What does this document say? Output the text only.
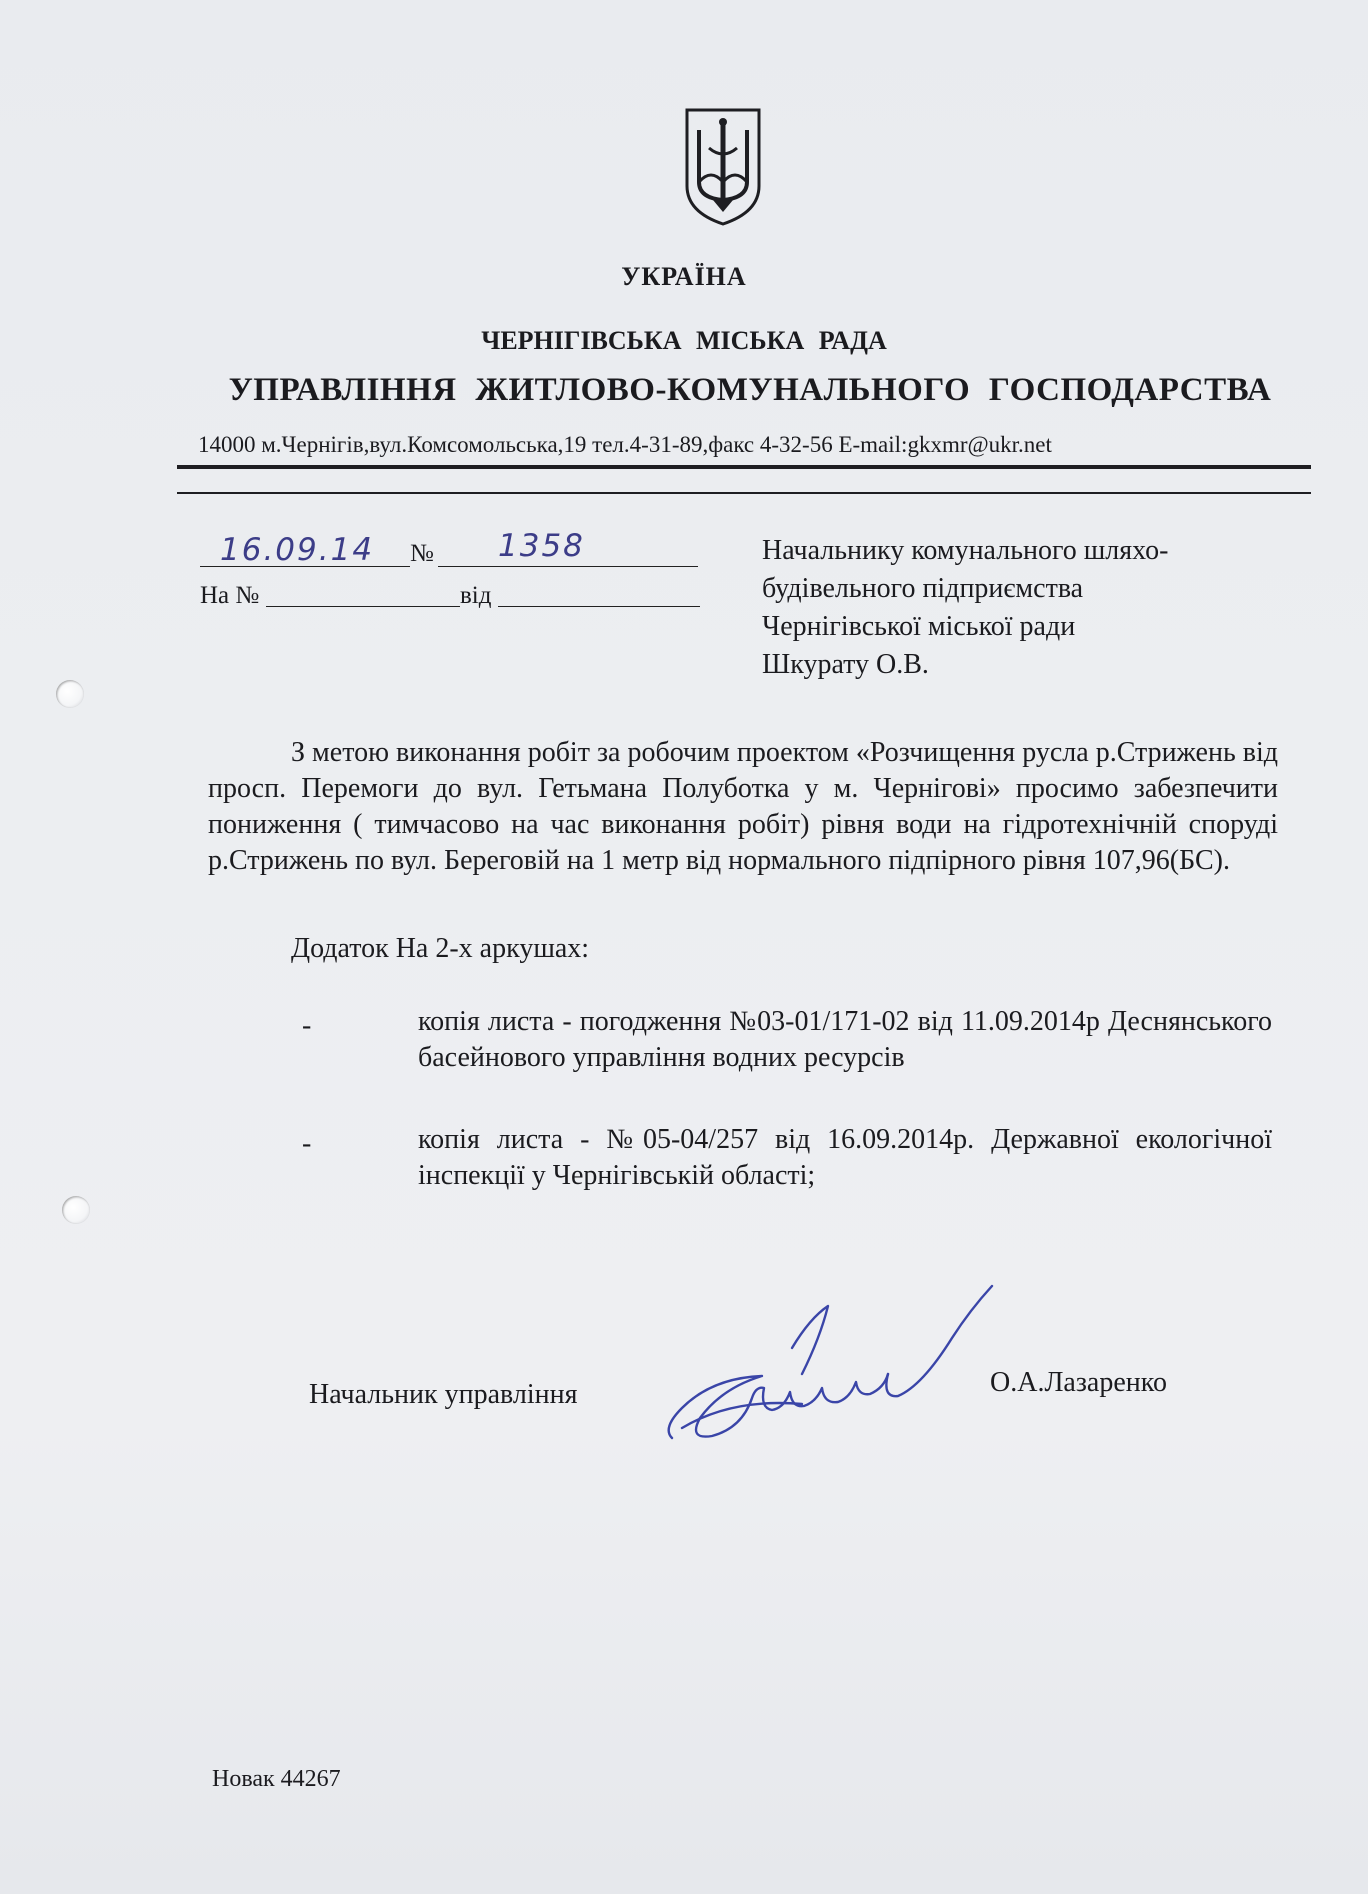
УКРАЇНА
ЧЕРНІГІВСЬКА МІСЬКА РАДА
УПРАВЛІННЯ ЖИТЛОВО-КОМУНАЛЬНОГО ГОСПОДАРСТВА
14000 м.Чернігів,вул.Комсомольська,19 тел.4-31-89,факс 4-32-56 E-mail:gkxmr@ukr.net
16.09.14 № 1358
На №	від
Начальнику комунального шляхо-
будівельного підприємства
Чернігівської міської ради
Шкурату О.В.

З метою виконання робіт за робочим проектом «Розчищення русла р.Стрижень від просп. Перемоги до вул. Гетьмана Полуботка у м. Чернігові» просимо забезпечити пониження ( тимчасово на час виконання робіт) рівня води на гідротехнічній споруді р.Стрижень по вул. Береговій на 1 метр від нормального підпірного рівня 107,96(БС).

Додаток На 2-х аркушах:
-	копія листа - погодження №03-01/171-02 від 11.09.2014р Деснянського басейнового управління водних ресурсів
-	копія листа - №05-04/257 від 16.09.2014р. Державної екологічної інспекції у Чернігівській області;
Начальник управління	О.А.Лазаренко
Новак 44267
